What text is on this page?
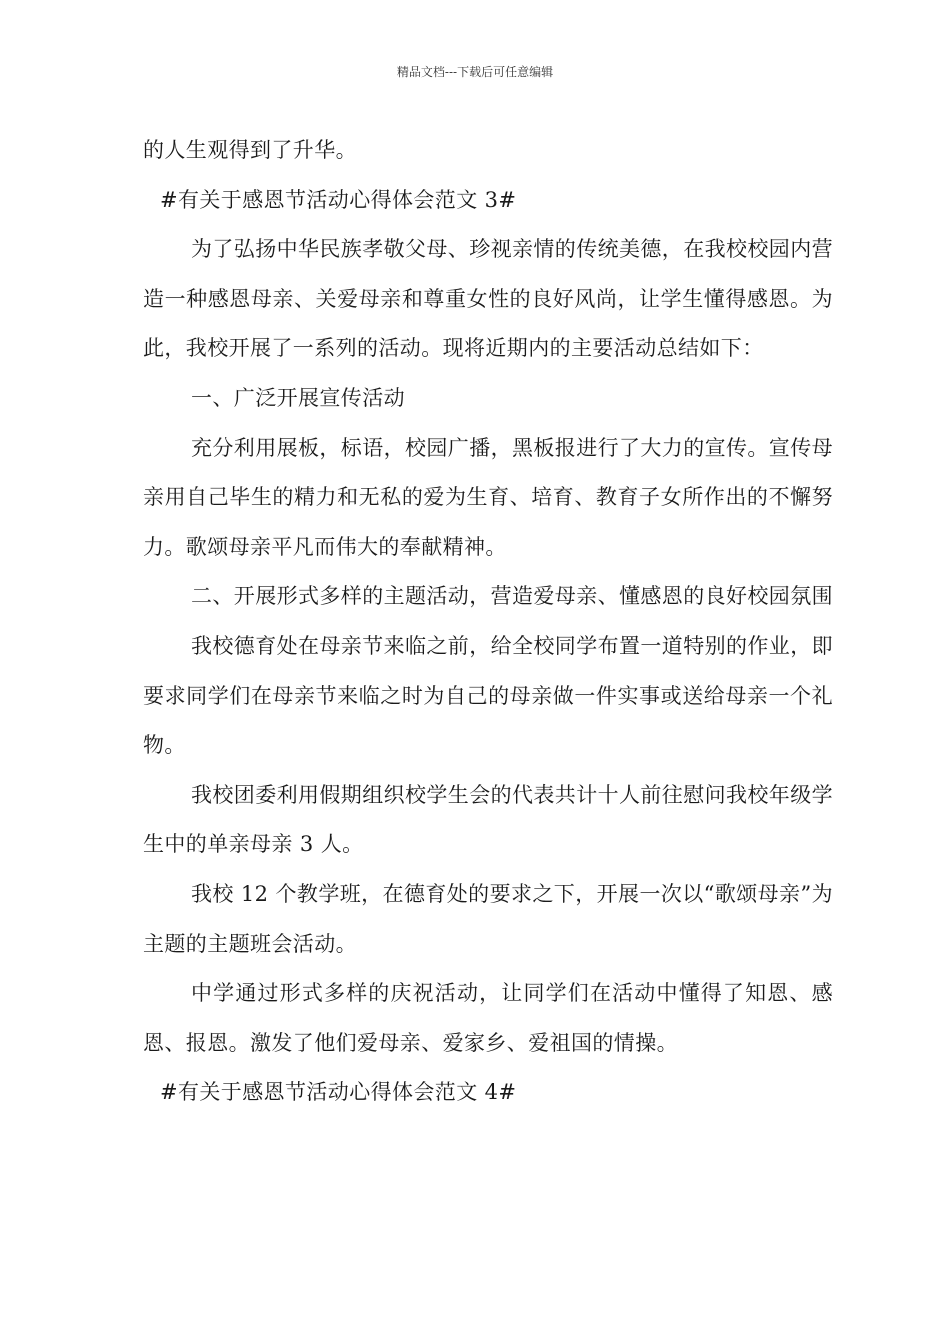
精品文档---下载后可任意编辑

的人生观得到了升华。

#有关于感恩节活动心得体会范文 3#

为了弘扬中华民族孝敬父母、珍视亲情的传统美德，在我校校园内营造一种感恩母亲、关爱母亲和尊重女性的良好风尚，让学生懂得感恩。为此，我校开展了一系列的活动。现将近期内的主要活动总结如下：

一、广泛开展宣传活动

充分利用展板，标语，校园广播，黑板报进行了大力的宣传。宣传母亲用自己毕生的精力和无私的爱为生育、培育、教育子女所作出的不懈努力。歌颂母亲平凡而伟大的奉献精神。

二、开展形式多样的主题活动，营造爱母亲、懂感恩的良好校园氛围

我校德育处在母亲节来临之前，给全校同学布置一道特别的作业，即要求同学们在母亲节来临之时为自己的母亲做一件实事或送给母亲一个礼物。

我校团委利用假期组织校学生会的代表共计十人前往慰问我校年级学生中的单亲母亲 3 人。

我校 12 个教学班，在德育处的要求之下，开展一次以“歌颂母亲”为主题的主题班会活动。

中学通过形式多样的庆祝活动，让同学们在活动中懂得了知恩、感恩、报恩。激发了他们爱母亲、爱家乡、爱祖国的情操。

#有关于感恩节活动心得体会范文 4#
